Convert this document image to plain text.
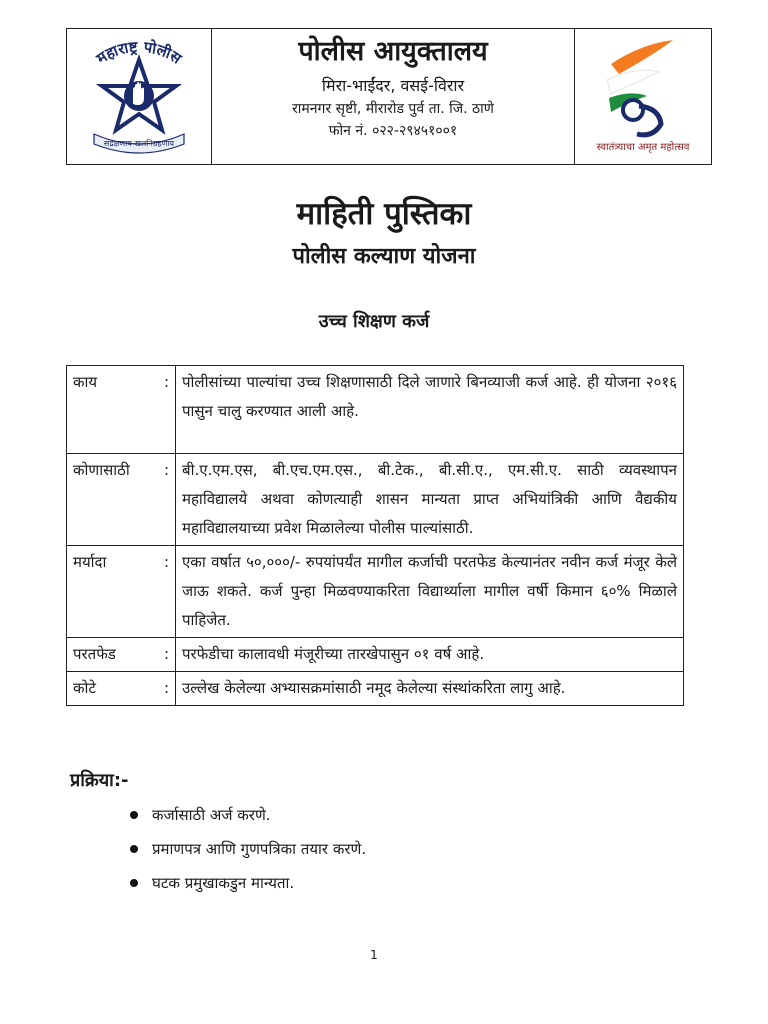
महाराष्ट्र पोलीस
सद्रक्षणाय खलनिग्रहणाय
पोलीस आयुक्तालय
मिरा-भाईंदर, वसई-विरार
रामनगर सृष्टी, मीरारोड पुर्व ता. जि. ठाणे
फोन नं. ०२२-२९४५१००१
स्वातंत्र्याचा अमृत महोत्सव
माहिती पुस्तिका
पोलीस कल्याण योजना
उच्च शिक्षण कर्ज
काय :	पोलीसांच्या पाल्यांचा उच्च शिक्षणासाठी दिले जाणारे बिनव्याजी कर्ज आहे. ही योजना २०१६ पासुन चालु करण्यात आली आहे.

कोणासाठी :	बी.ए.एम.एस, बी.एच.एम.एस., बी.टेक., बी.सी.ए., एम.सी.ए. साठी व्यवस्थापन महाविद्यालये अथवा कोणत्याही शासन मान्यता प्राप्त अभियांत्रिकी आणि वैद्यकीय महाविद्यालयाच्या प्रवेश मिळालेल्या पोलीस पाल्यांसाठी.

मर्यादा :	एका वर्षात ५०,०००/- रुपयांपर्यंत मागील कर्जाची परतफेड केल्यानंतर नवीन कर्ज मंजूर केले जाऊ शकते. कर्ज पुन्हा मिळवण्याकरिता विद्यार्थ्याला मागील वर्षी किमान ६०% मिळाले पाहिजेत.

परतफेड :	परफेडीचा कालावधी मंजूरीच्या तारखेपासुन ०१ वर्ष आहे.

कोटे :	उल्लेख केलेल्या अभ्यासक्रमांसाठी नमूद केलेल्या संस्थांकरिता लागु आहे.
प्रक्रिया:-
कर्जासाठी अर्ज करणे.
प्रमाणपत्र आणि गुणपत्रिका तयार करणे.
घटक प्रमुखाकडुन मान्यता.
1
